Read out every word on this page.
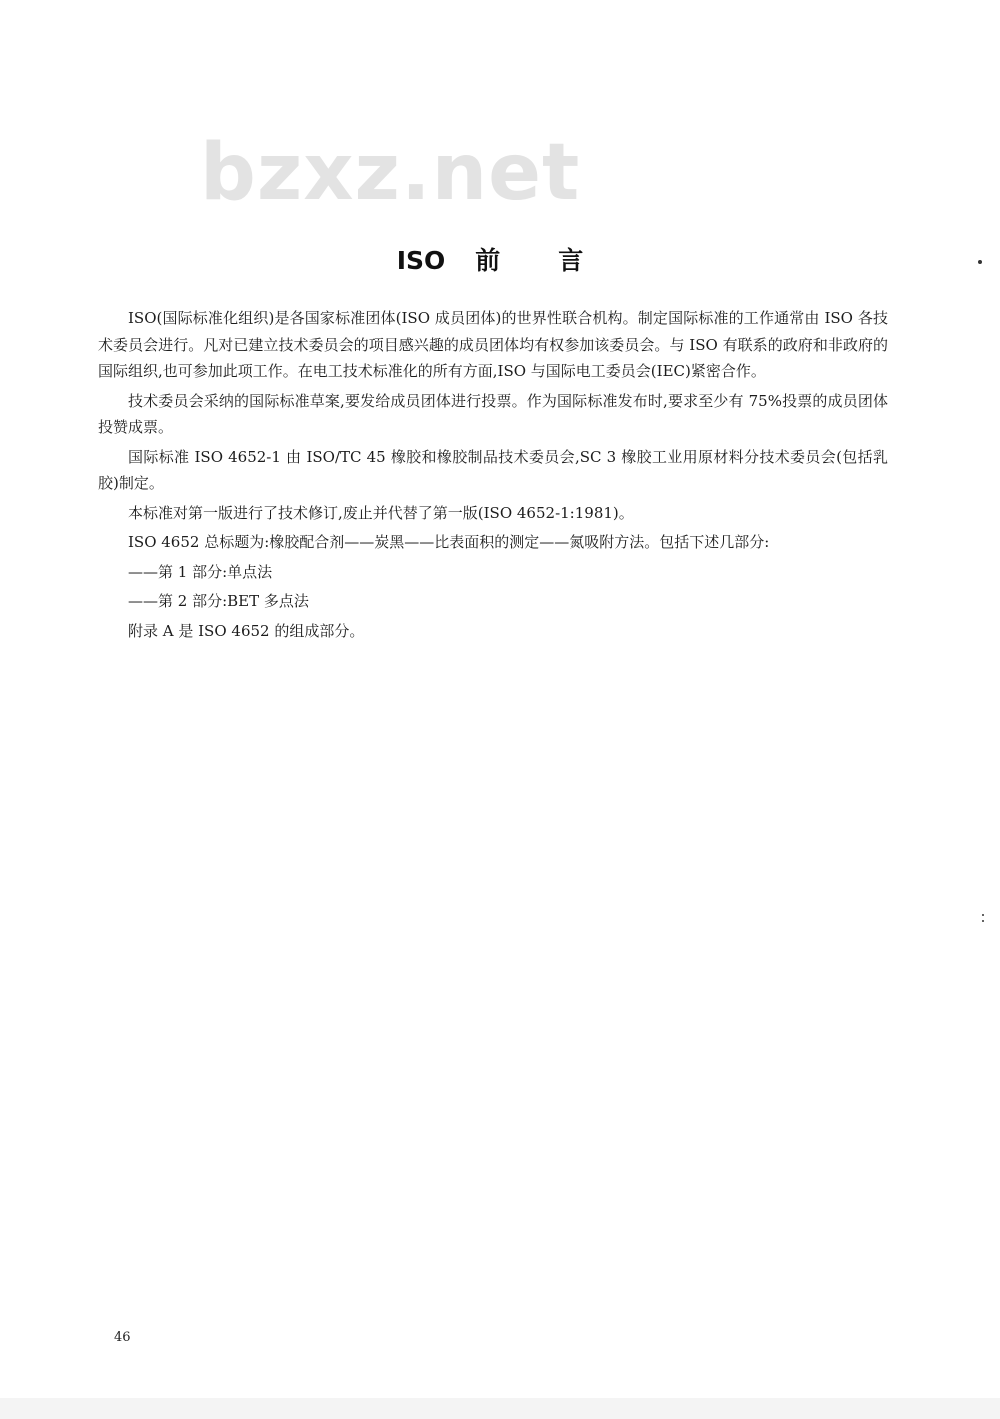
bzxz.net
ISO 前 言

ISO(国际标准化组织)是各国家标准团体(ISO 成员团体)的世界性联合机构。制定国际标准的工作通常由 ISO 各技术委员会进行。凡对已建立技术委员会的项目感兴趣的成员团体均有权参加该委员会。与 ISO 有联系的政府和非政府的国际组织,也可参加此项工作。在电工技术标准化的所有方面,ISO 与国际电工委员会(IEC)紧密合作。

技术委员会采纳的国际标准草案,要发给成员团体进行投票。作为国际标准发布时,要求至少有 75%投票的成员团体投赞成票。

国际标准 ISO 4652-1 由 ISO/TC 45 橡胶和橡胶制品技术委员会,SC 3 橡胶工业用原材料分技术委员会(包括乳胶)制定。

本标准对第一版进行了技术修订,废止并代替了第一版(ISO 4652-1:1981)。

ISO 4652 总标题为:橡胶配合剂——炭黑——比表面积的测定——氮吸附方法。包括下述几部分:

——第 1 部分:单点法
——第 2 部分:BET 多点法

附录 A 是 ISO 4652 的组成部分。

46
